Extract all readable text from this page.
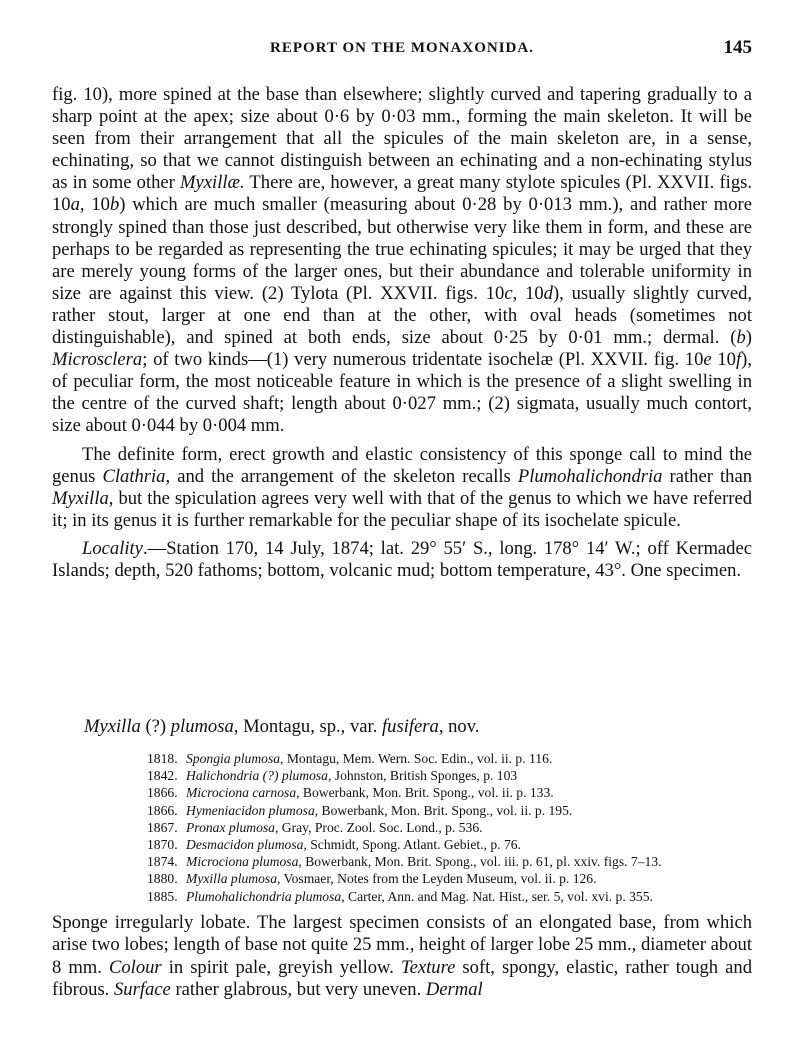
REPORT ON THE MONAXONIDA.	145

fig. 10), more spined at the base than elsewhere; slightly curved and tapering gradually to a sharp point at the apex; size about 0·6 by 0·03 mm., forming the main skeleton. It will be seen from their arrangement that all the spicules of the main skeleton are, in a sense, echinating, so that we cannot distinguish between an echinating and a non-echinating stylus as in some other Myxillæ. There are, however, a great many stylote spicules (Pl. XXVII. figs. 10a, 10b) which are much smaller (measuring about 0·28 by 0·013 mm.), and rather more strongly spined than those just described, but otherwise very like them in form, and these are perhaps to be regarded as representing the true echinating spicules; it may be urged that they are merely young forms of the larger ones, but their abundance and tolerable uniformity in size are against this view. (2) Tylota (Pl. XXVII. figs. 10c, 10d), usually slightly curved, rather stout, larger at one end than at the other, with oval heads (sometimes not distinguishable), and spined at both ends, size about 0·25 by 0·01 mm.; dermal. (b) Microsclera; of two kinds—(1) very numerous tridentate isochelæ (Pl. XXVII. fig. 10e 10f), of peculiar form, the most noticeable feature in which is the presence of a slight swelling in the centre of the curved shaft; length about 0·027 mm.; (2) sigmata, usually much contort, size about 0·044 by 0·004 mm.

The definite form, erect growth and elastic consistency of this sponge call to mind the genus Clathria, and the arrangement of the skeleton recalls Plumohalichondria rather than Myxilla, but the spiculation agrees very well with that of the genus to which we have referred it; in its genus it is further remarkable for the peculiar shape of its isochelate spicule.

Locality.—Station 170, 14 July, 1874; lat. 29° 55′ S., long. 178° 14′ W.; off Kermadec Islands; depth, 520 fathoms; bottom, volcanic mud; bottom temperature, 43°. One specimen.

Myxilla (?) plumosa, Montagu, sp., var. fusifera, nov.
1818. Spongia plumosa, Montagu, Mem. Wern. Soc. Edin., vol. ii. p. 116.
1842. Halichondria (?) plumosa, Johnston, British Sponges, p. 103
1866. Microciona carnosa, Bowerbank, Mon. Brit. Spong., vol. ii. p. 133.
1866. Hymeniacidon plumosa, Bowerbank, Mon. Brit. Spong., vol. ii. p. 195.
1867. Pronax plumosa, Gray, Proc. Zool. Soc. Lond., p. 536.
1870. Desmacidon plumosa, Schmidt, Spong. Atlant. Gebiet., p. 76.
1874. Microciona plumosa, Bowerbank, Mon. Brit. Spong., vol. iii. p. 61, pl. xxiv. figs. 7–13.
1880. Myxilla plumosa, Vosmaer, Notes from the Leyden Museum, vol. ii. p. 126.
1885. Plumohalichondria plumosa, Carter, Ann. and Mag. Nat. Hist., ser. 5, vol. xvi. p. 355.

Sponge irregularly lobate. The largest specimen consists of an elongated base, from which arise two lobes; length of base not quite 25 mm., height of larger lobe 25 mm., diameter about 8 mm. Colour in spirit pale, greyish yellow. Texture soft, spongy, elastic, rather tough and fibrous. Surface rather glabrous, but very uneven. Dermal
